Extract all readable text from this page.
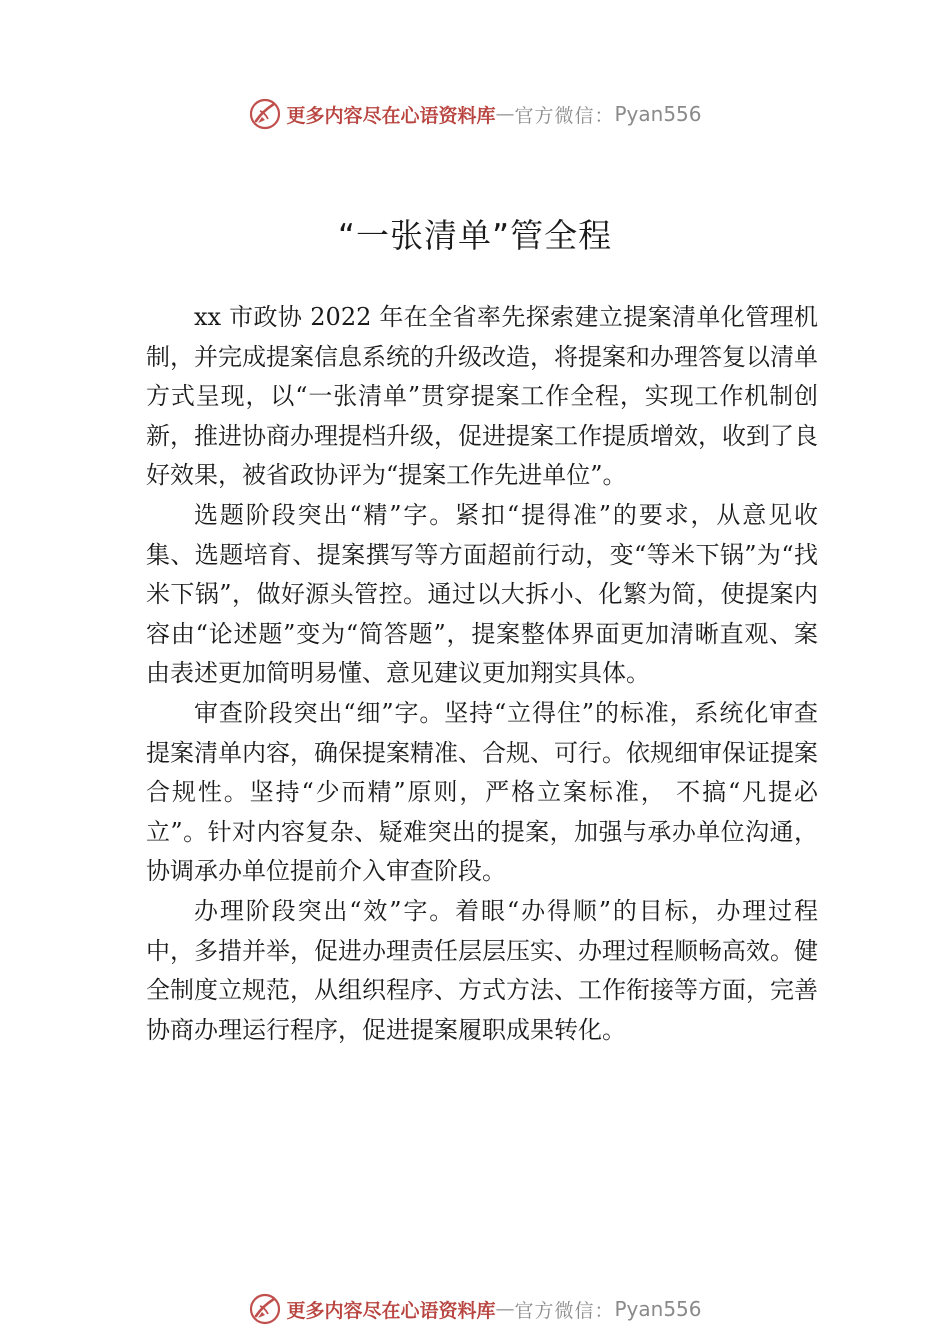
更多内容尽在心语资料库 — 官方微信： Pyan556
“一张清单”管全程

xx 市政协 2022 年在全省率先探索建立提案清单化管理机制，并完成提案信息系统的升级改造，将提案和办理答复以清单方式呈现，以“一张清单”贯穿提案工作全程，实现工作机制创新，推进协商办理提档升级，促进提案工作提质增效，收到了良好效果，被省政协评为“提案工作先进单位”。

选题阶段突出“精”字。紧扣“提得准”的要求，从意见收集、选题培育、提案撰写等方面超前行动，变“等米下锅”为“找米下锅”，做好源头管控。通过以大拆小、化繁为简，使提案内容由“论述题”变为“简答题”，提案整体界面更加清晰直观、案由表述更加简明易懂、意见建议更加翔实具体。

审查阶段突出“细”字。坚持“立得住”的标准，系统化审查提案清单内容，确保提案精准、合规、可行。依规细审保证提案合规性。坚持“少而精”原则，严格立案标准， 不搞“凡提必立”。针对内容复杂、疑难突出的提案，加强与承办单位沟通，协调承办单位提前介入审查阶段。

办理阶段突出“效”字。着眼“办得顺”的目标，办理过程中，多措并举，促进办理责任层层压实、办理过程顺畅高效。健全制度立规范，从组织程序、方式方法、工作衔接等方面，完善协商办理运行程序，促进提案履职成果转化。

更多内容尽在心语资料库 — 官方微信： Pyan556
